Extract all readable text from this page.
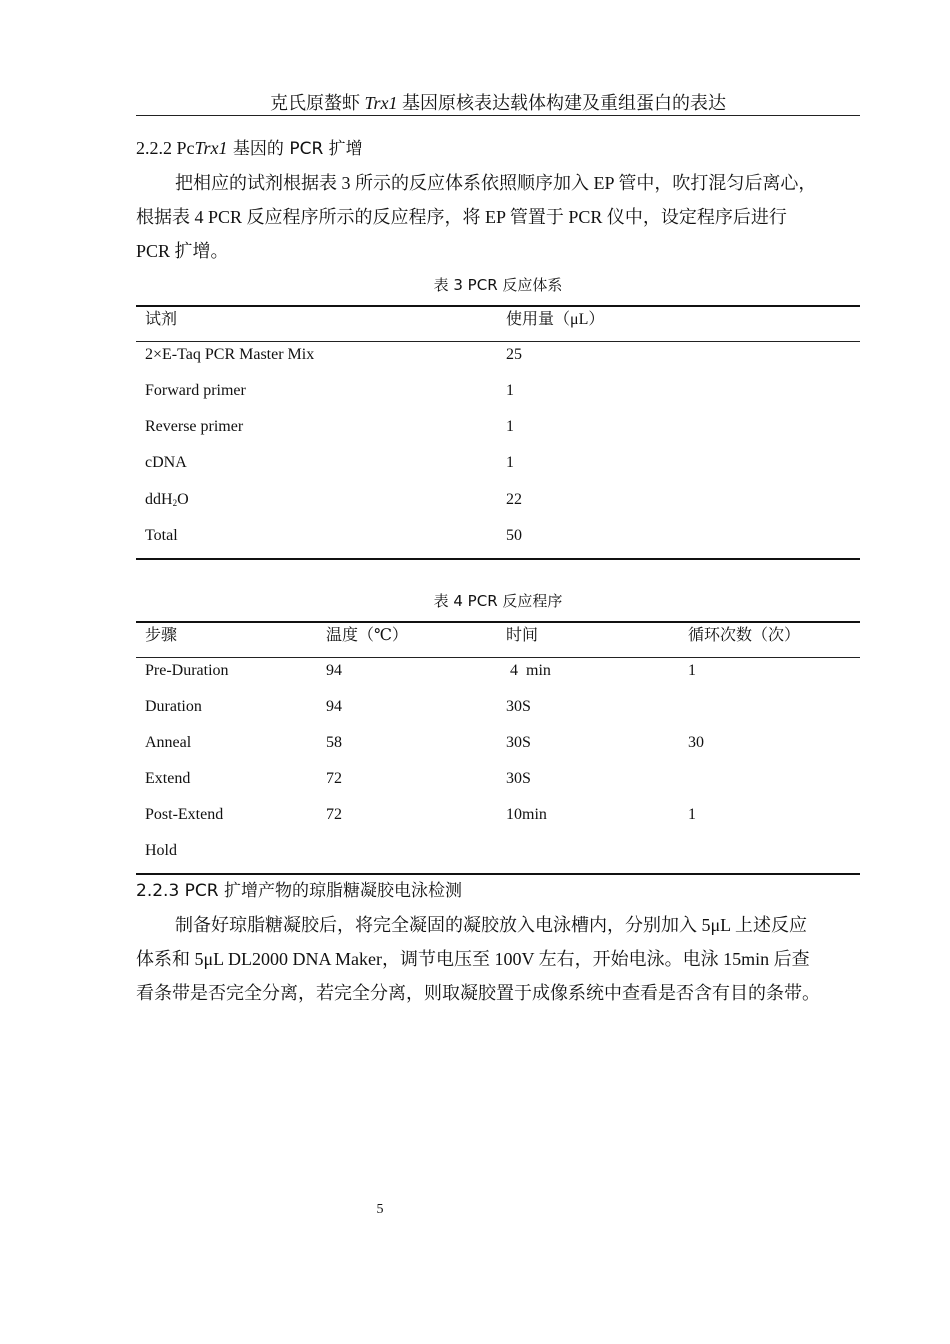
克氏原螯虾 Trx1 基因原核表达载体构建及重组蛋白的表达
2.2.2 PcTrx1 基因的 PCR 扩增
把相应的试剂根据表 3 所示的反应体系依照顺序加入 EP 管中，吹打混匀后离心，
根据表 4 PCR 反应程序所示的反应程序，将 EP 管置于 PCR 仪中，设定程序后进行
PCR 扩增。
表 3 PCR 反应体系
试剂	使用量（μL）
2×E-Taq PCR Master Mix	25
Forward primer	1
Reverse primer	1
cDNA	1
ddH$_2$O	22
Total	50
表 4 PCR 反应程序
步骤	温度（℃）	时间	循环次数（次）
Pre-Duration	94	4  min	1
Duration	94	30S
Anneal	58	30S	30
Extend	72	30S
Post-Extend	72	10min	1
Hold
2.2.3 PCR 扩增产物的琼脂糖凝胶电泳检测
制备好琼脂糖凝胶后，将完全凝固的凝胶放入电泳槽内，分别加入 5μL 上述反应
体系和 5μL DL2000 DNA Maker，调节电压至 100V 左右，开始电泳。电泳 15min 后查
看条带是否完全分离，若完全分离，则取凝胶置于成像系统中查看是否含有目的条带。
5
